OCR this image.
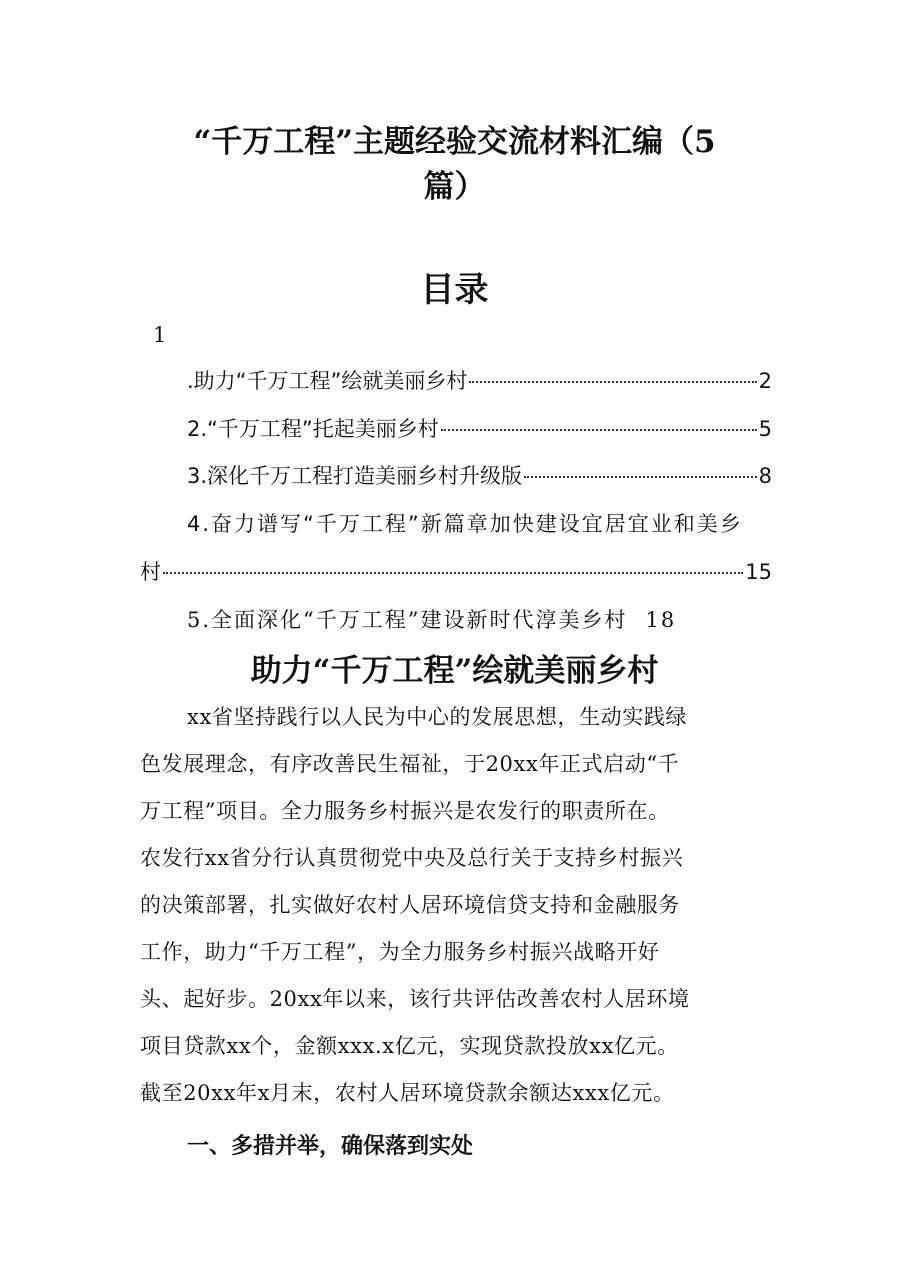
“千万工程”主题经验交流材料汇编（5
篇）
目录
1
.助力“千万工程”绘就美丽乡村	2
2.“千万工程”托起美丽乡村	5
3.深化千万工程打造美丽乡村升级版	8
4.奋力谱写“千万工程”新篇章加快建设宜居宜业和美乡
村	15
5.全面深化“千万工程”建设新时代淳美乡村 18
助力“千万工程”绘就美丽乡村
xx省坚持践行以人民为中心的发展思想，生动实践绿
色发展理念，有序改善民生福祉，于20xx年正式启动“千
万工程”项目。全力服务乡村振兴是农发行的职责所在。
农发行xx省分行认真贯彻党中央及总行关于支持乡村振兴
的决策部署，扎实做好农村人居环境信贷支持和金融服务
工作，助力“千万工程”，为全力服务乡村振兴战略开好
头、起好步。20xx年以来，该行共评估改善农村人居环境
项目贷款xx个，金额xxx.x亿元，实现贷款投放xx亿元。
截至20xx年x月末，农村人居环境贷款余额达xxx亿元。
一、多措并举，确保落到实处
